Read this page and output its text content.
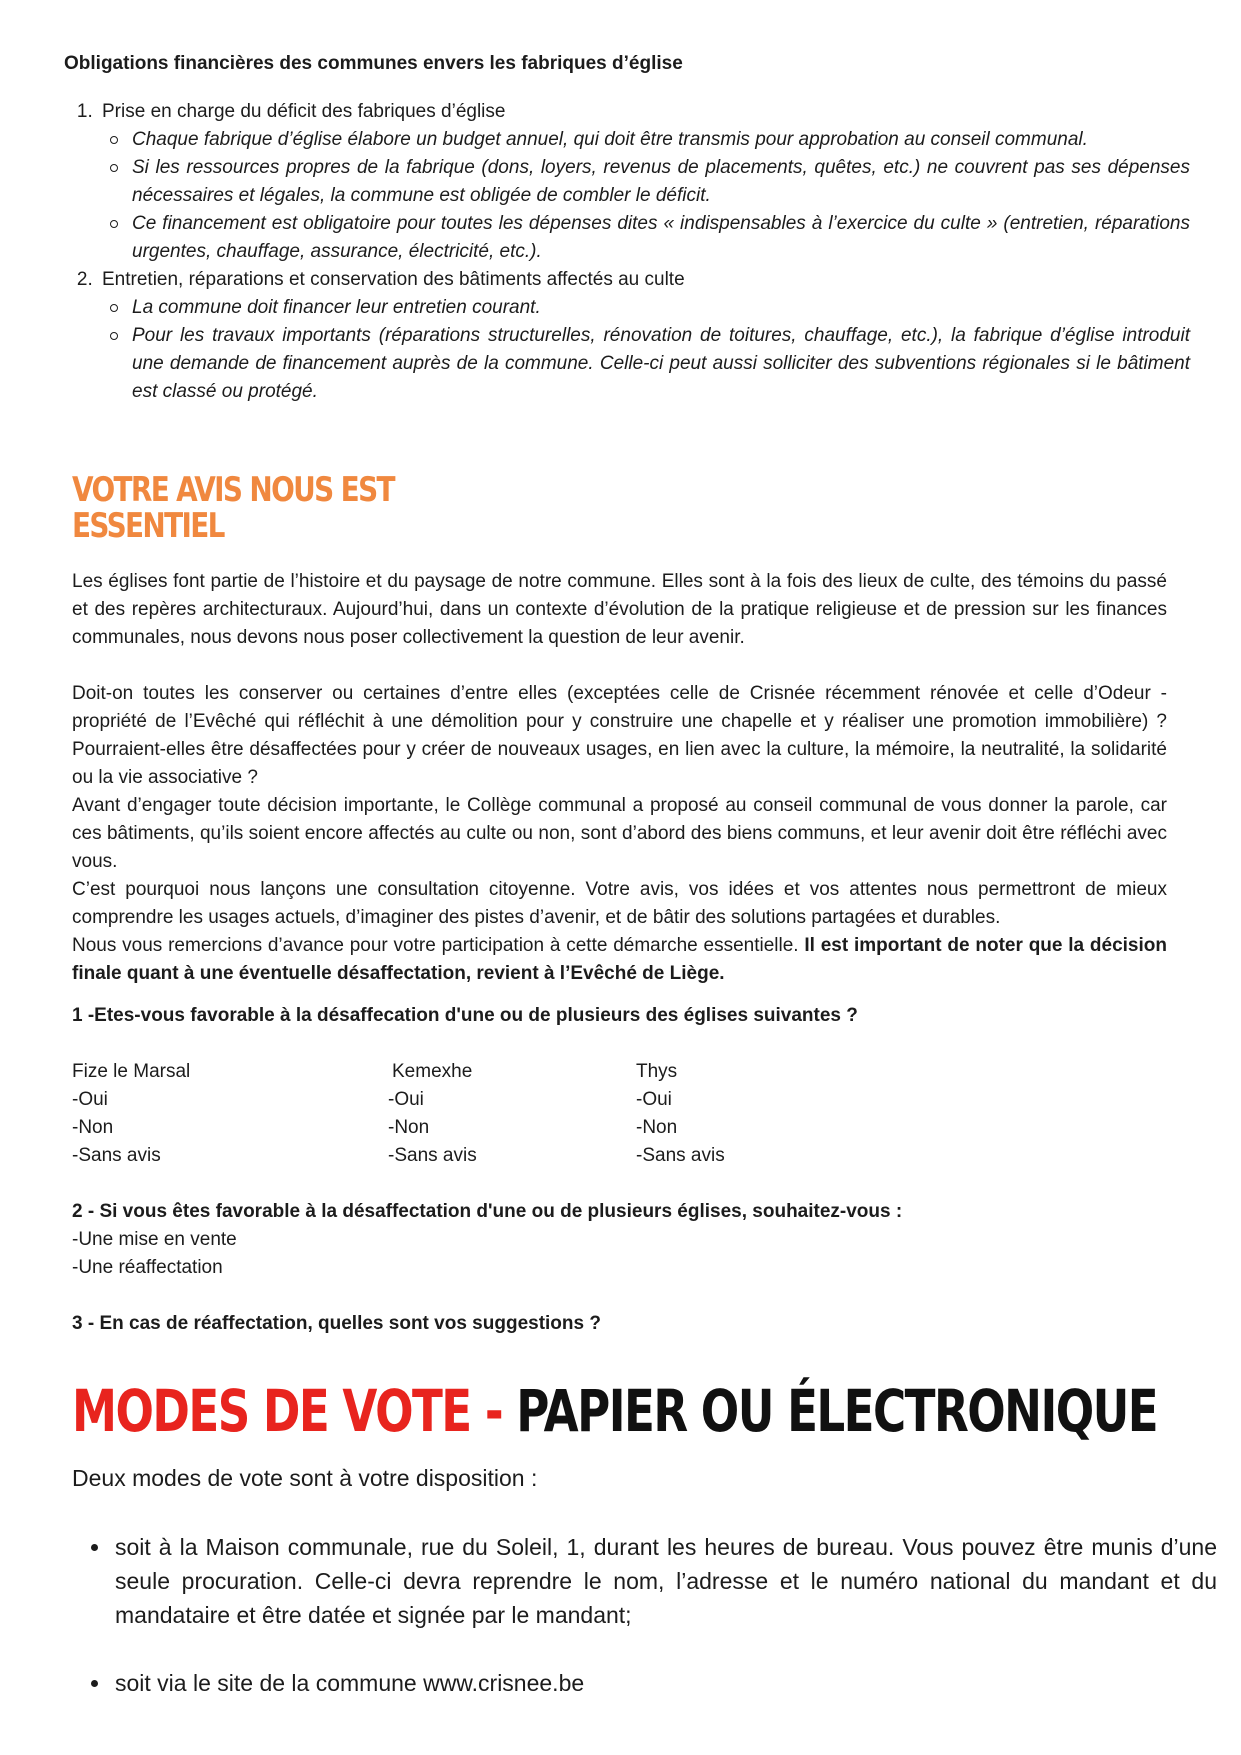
Obligations financières des communes envers les fabriques d’église

1. Prise en charge du déficit des fabriques d’église
Chaque fabrique d’église élabore un budget annuel, qui doit être transmis pour approbation au conseil communal.
Si les ressources propres de la fabrique (dons, loyers, revenus de placements, quêtes, etc.) ne couvrent pas ses dépenses nécessaires et légales, la commune est obligée de combler le déficit.
Ce financement est obligatoire pour toutes les dépenses dites « indispensables à l’exercice du culte » (entretien, réparations urgentes, chauffage, assurance, électricité, etc.).
2. Entretien, réparations et conservation des bâtiments affectés au culte
La commune doit financer leur entretien courant.
Pour les travaux importants (réparations structurelles, rénovation de toitures, chauffage, etc.), la fabrique d’église introduit une demande de financement auprès de la commune. Celle-ci peut aussi solliciter des subventions régionales si le bâtiment est classé ou protégé.
VOTRE AVIS NOUS EST
ESSENTIEL

Les églises font partie de l’histoire et du paysage de notre commune. Elles sont à la fois des lieux de culte, des témoins du passé et des repères architecturaux. Aujourd’hui, dans un contexte d’évolution de la pratique religieuse et de pression sur les finances communales, nous devons nous poser collectivement la question de leur avenir.

Doit-on toutes les conserver ou certaines d’entre elles (exceptées celle de Crisnée récemment rénovée et celle d’Odeur - propriété de l’Evêché qui réfléchit à une démolition pour y construire une chapelle et y réaliser une promotion immobilière) ? Pourraient-elles être désaffectées pour y créer de nouveaux usages, en lien avec la culture, la mémoire, la neutralité, la solidarité ou la vie associative ?

Avant d’engager toute décision importante, le Collège communal a proposé au conseil communal de vous donner la parole, car ces bâtiments, qu’ils soient encore affectés au culte ou non, sont d’abord des biens communs, et leur avenir doit être réfléchi avec vous.

C’est pourquoi nous lançons une consultation citoyenne. Votre avis, vos idées et vos attentes nous permettront de mieux comprendre les usages actuels, d’imaginer des pistes d’avenir, et de bâtir des solutions partagées et durables.

Nous vous remercions d’avance pour votre participation à cette démarche essentielle. Il est important de noter que la décision finale quant à une éventuelle désaffectation, revient à l’Evêché de Liège.

1 -Etes-vous favorable à la désaffecation d'une ou de plusieurs des églises suivantes ?

Fize le Marsal
-Oui
-Non
-Sans avis
Kemexhe
-Oui
-Non
-Sans avis
Thys
-Oui
-Non
-Sans avis

2 - Si vous êtes favorable à la désaffectation d'une ou de plusieurs églises, souhaitez-vous :

-Une mise en vente

-Une réaffectation

3 - En cas de réaffectation, quelles sont vos suggestions ?

MODES DE VOTE - PAPIER OU ÉLECTRONIQUE

Deux modes de vote sont à votre disposition :

soit à la Maison communale, rue du Soleil, 1, durant les heures de bureau. Vous pouvez être munis d’une seule procuration. Celle-ci devra reprendre le nom, l’adresse et le numéro national du mandant et du mandataire et être datée et signée par le mandant;
soit via le site de la commune www.crisnee.be
